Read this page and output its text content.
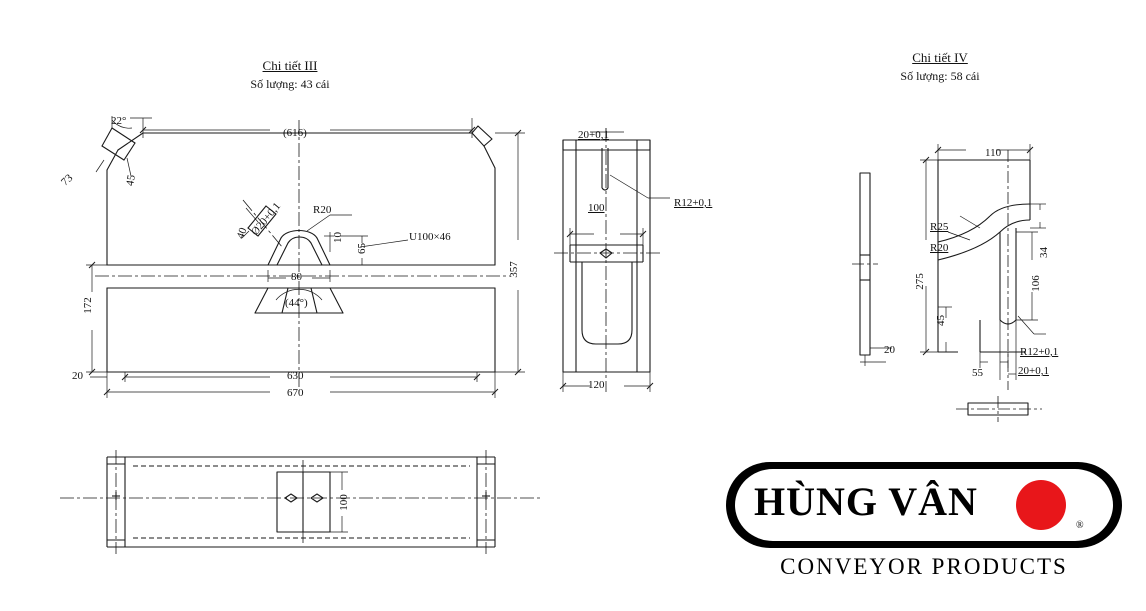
Chi tiết III
Số lượng: 43 cái
Chi tiết IV
Số lượng: 58 cái
22°
73	45
(616)
Ø20+0,1	R20
40	10
65
80
(44°)
U100×46
357
172
20	630
670
20+0,1
R12+0,1
100
120
100
110
R25
R20
275
34
106
45
20
55
R12+0,1
20+0,1
HÙNG VÂN
®
CONVEYOR PRODUCTS
